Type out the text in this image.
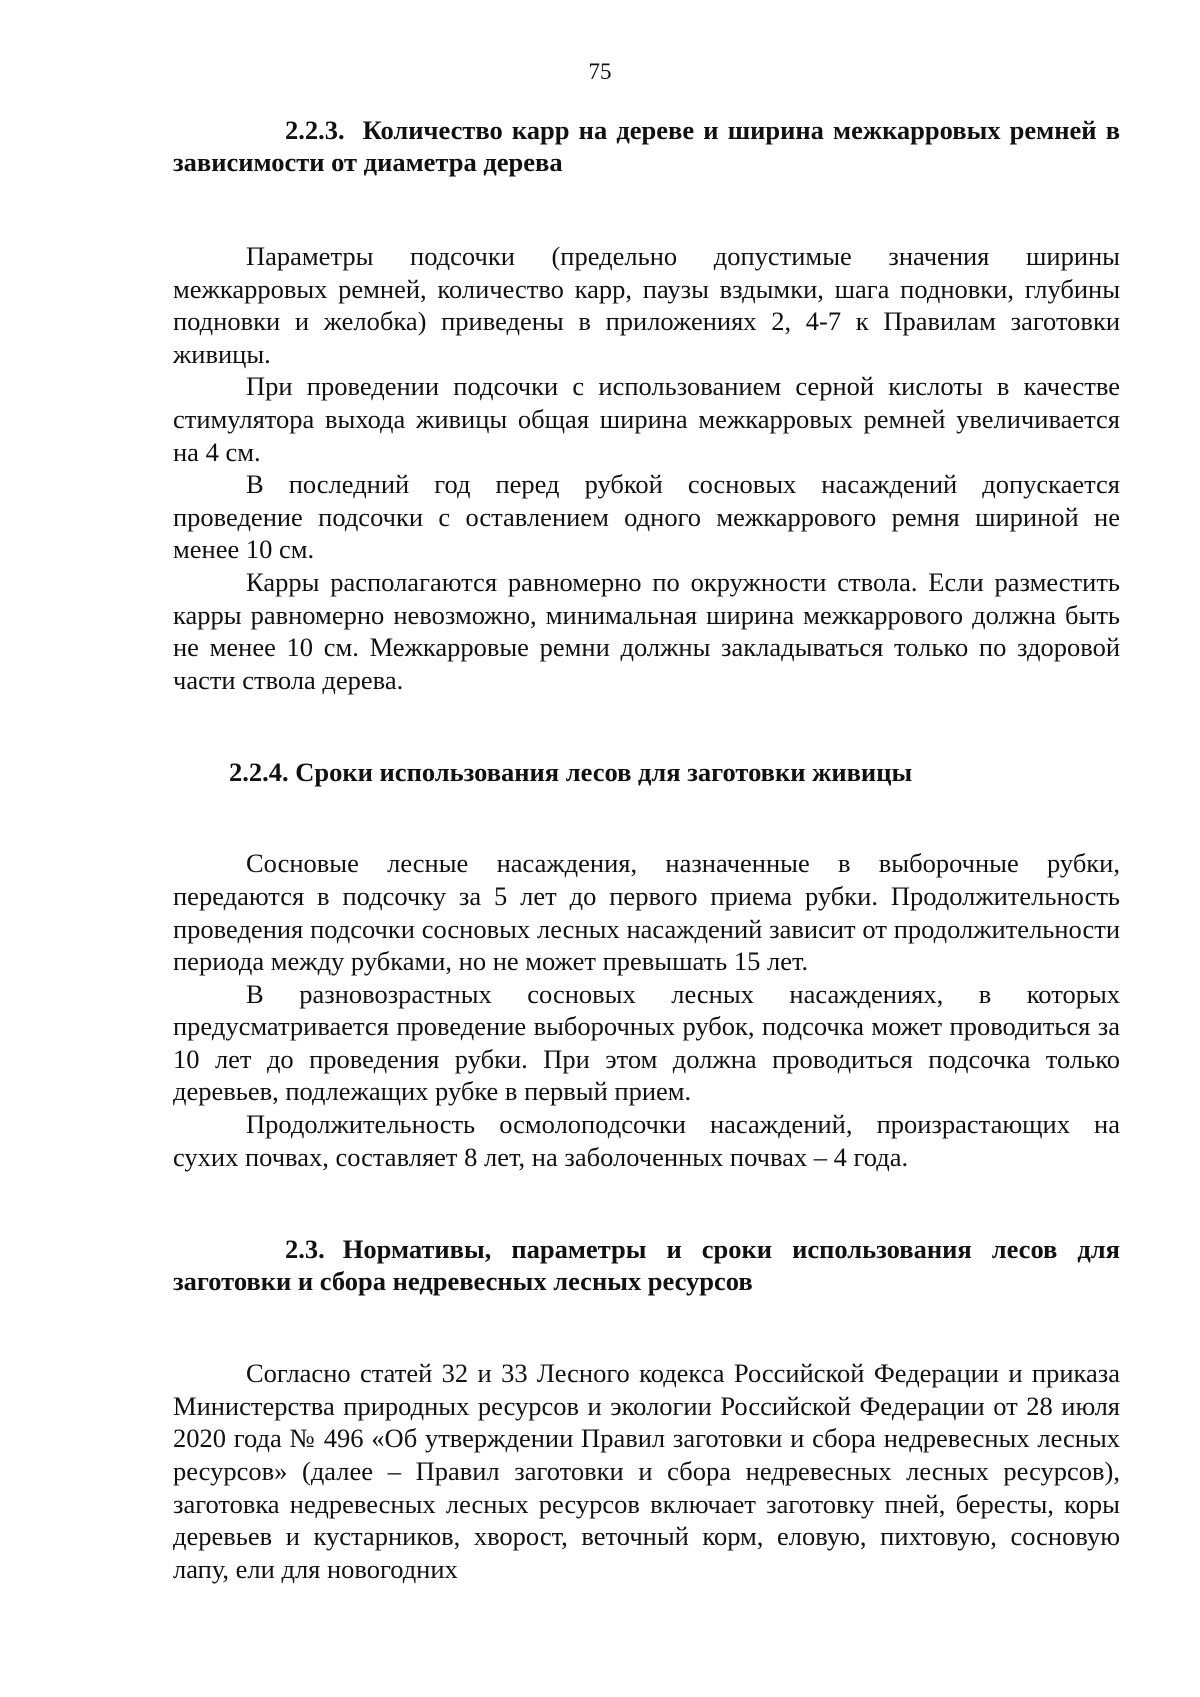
75

2.2.3. Количество карр на дереве и ширина межкарровых ремней в зависимости от диаметра дерева

Параметры подсочки (предельно допустимые значения ширины межкарровых ремней, количество карр, паузы вздымки, шага подновки, глубины подновки и желобка) приведены в приложениях 2, 4-7 к Правилам заготовки живицы.

При проведении подсочки с использованием серной кислоты в качестве стимулятора выхода живицы общая ширина межкарровых ремней увеличивается на 4 см.

В последний год перед рубкой сосновых насаждений допускается проведение подсочки с оставлением одного межкаррового ремня шириной не менее 10 см.

Карры располагаются равномерно по окружности ствола. Если разместить карры равномерно невозможно, минимальная ширина межкаррового должна быть не менее 10 см. Межкарровые ремни должны закладываться только по здоровой части ствола дерева.

2.2.4. Сроки использования лесов для заготовки живицы

Сосновые лесные насаждения, назначенные в выборочные рубки, передаются в подсочку за 5 лет до первого приема рубки. Продолжительность проведения подсочки сосновых лесных насаждений зависит от продолжительности периода между рубками, но не может превышать 15 лет.

В разновозрастных сосновых лесных насаждениях, в которых предусматривается проведение выборочных рубок, подсочка может проводиться за 10 лет до проведения рубки. При этом должна проводиться подсочка только деревьев, подлежащих рубке в первый прием.

Продолжительность осмолоподсочки насаждений, произрастающих на сухих почвах, составляет 8 лет, на заболоченных почвах – 4 года.

2.3. Нормативы, параметры и сроки использования лесов для заготовки и сбора недревесных лесных ресурсов

Согласно статей 32 и 33 Лесного кодекса Российской Федерации и приказа Министерства природных ресурсов и экологии Российской Федерации от 28 июля 2020 года № 496 «Об утверждении Правил заготовки и сбора недревесных лесных ресурсов» (далее – Правил заготовки и сбора недревесных лесных ресурсов), заготовка недревесных лесных ресурсов включает заготовку пней, бересты, коры деревьев и кустарников, хворост, веточный корм, еловую, пихтовую, сосновую лапу, ели для новогодних
